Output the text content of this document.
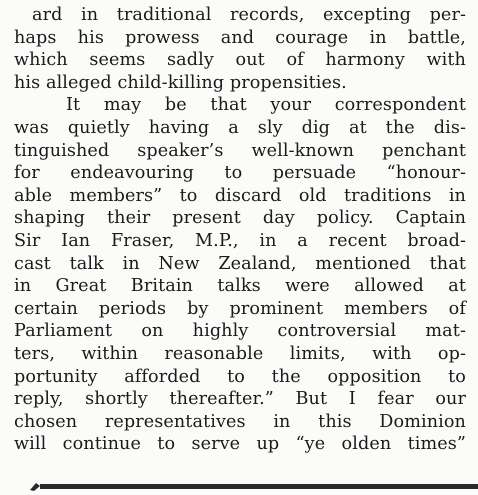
ard in traditional records, excepting per-
haps his prowess and courage in battle,
which seems sadly out of harmony with
his alleged child-killing propensities.
It may be that your correspondent
was quietly having a sly dig at the dis-
tinguished speaker’s well-known penchant
for endeavouring to persuade “honour-
able members” to discard old traditions in
shaping their present day policy. Captain
Sir Ian Fraser, M.P., in a recent broad-
cast talk in New Zealand, mentioned that
in Great Britain talks were allowed at
certain periods by prominent members of
Parliament on highly controversial mat-
ters, within reasonable limits, with op-
portunity afforded to the opposition to
reply, shortly thereafter.” But I fear our
chosen representatives in this Dominion
will continue to serve up “ye olden times”
